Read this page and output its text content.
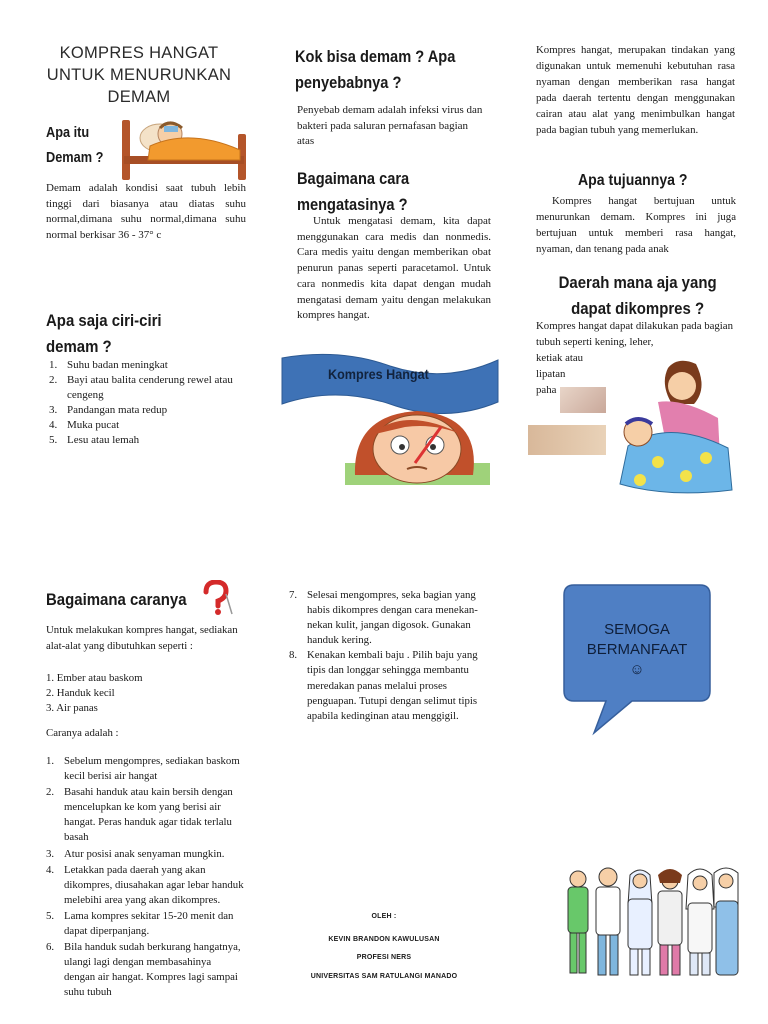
KOMPRES HANGAT
UNTUK MENURUNKAN
DEMAM
Apa itu
Demam ?
Demam adalah kondisi saat tubuh lebih tinggi dari biasanya atau diatas suhu normal,dimana suhu normal,dimana suhu normal berkisar 36 - 37° c
Apa saja ciri-ciri
demam ?
1. Suhu badan meningkat
2. Bayi atau balita cenderung rewel atau cengeng
3. Pandangan mata redup
4. Muka pucat
5. Lesu atau lemah
Kok bisa demam ? Apa
penyebabnya ?
Penyebab demam adalah infeksi virus dan bakteri pada saluran pernafasan bagian atas
Bagaimana cara
mengatasinya ?
Untuk mengatasi demam, kita dapat menggunakan cara medis dan nonmedis. Cara medis yaitu dengan memberikan obat penurun panas seperti paracetamol. Untuk cara nonmedis kita dapat dengan mudah mengatasi demam yaitu dengan melakukan kompres hangat.
Kompres Hangat
Kompres hangat, merupakan tindakan yang digunakan untuk memenuhi kebutuhan rasa nyaman dengan memberikan rasa hangat pada daerah tertentu dengan menggunakan cairan atau alat yang menimbulkan hangat pada bagian tubuh yang memerlukan.
Apa tujuannya ?
Kompres hangat bertujuan untuk menurunkan demam. Kompres ini juga bertujuan untuk memberi rasa hangat, nyaman, dan tenang pada anak
Daerah mana aja yang
dapat dikompres ?
Kompres hangat dapat dilakukan pada bagian tubuh seperti kening, leher,
ketiak atau
lipatan
paha
Bagaimana caranya
Untuk melakukan kompres hangat, sediakan alat-alat yang dibutuhkan seperti :
1. Ember atau baskom
2. Handuk kecil
3. Air panas
Caranya adalah :
1. Sebelum mengompres, sediakan baskom kecil berisi air hangat
2. Basahi handuk atau kain bersih dengan mencelupkan ke kom yang berisi air hangat. Peras handuk agar tidak terlalu basah
3. Atur posisi anak senyaman mungkin.
4. Letakkan pada daerah yang akan dikompres, diusahakan agar lebar handuk melebihi area yang akan dikompres.
5. Lama kompres sekitar 15-20 menit dan dapat diperpanjang.
6. Bila handuk sudah berkurang hangatnya, ulangi lagi dengan membasahinya dengan air hangat. Kompres lagi sampai suhu tubuh
7. Selesai mengompres, seka bagian yang habis dikompres dengan cara menekan-nekan kulit, jangan digosok. Gunakan handuk kering.
8. Kenakan kembali baju . Pilih baju yang tipis dan longgar sehingga membantu meredakan panas melalui proses penguapan. Tutupi dengan selimut tipis apabila kedinginan atau menggigil.
OLEH :
KEVIN BRANDON KAWULUSAN
PROFESI NERS
UNIVERSITAS SAM RATULANGI MANADO
SEMOGA
BERMANFAAT
☺
